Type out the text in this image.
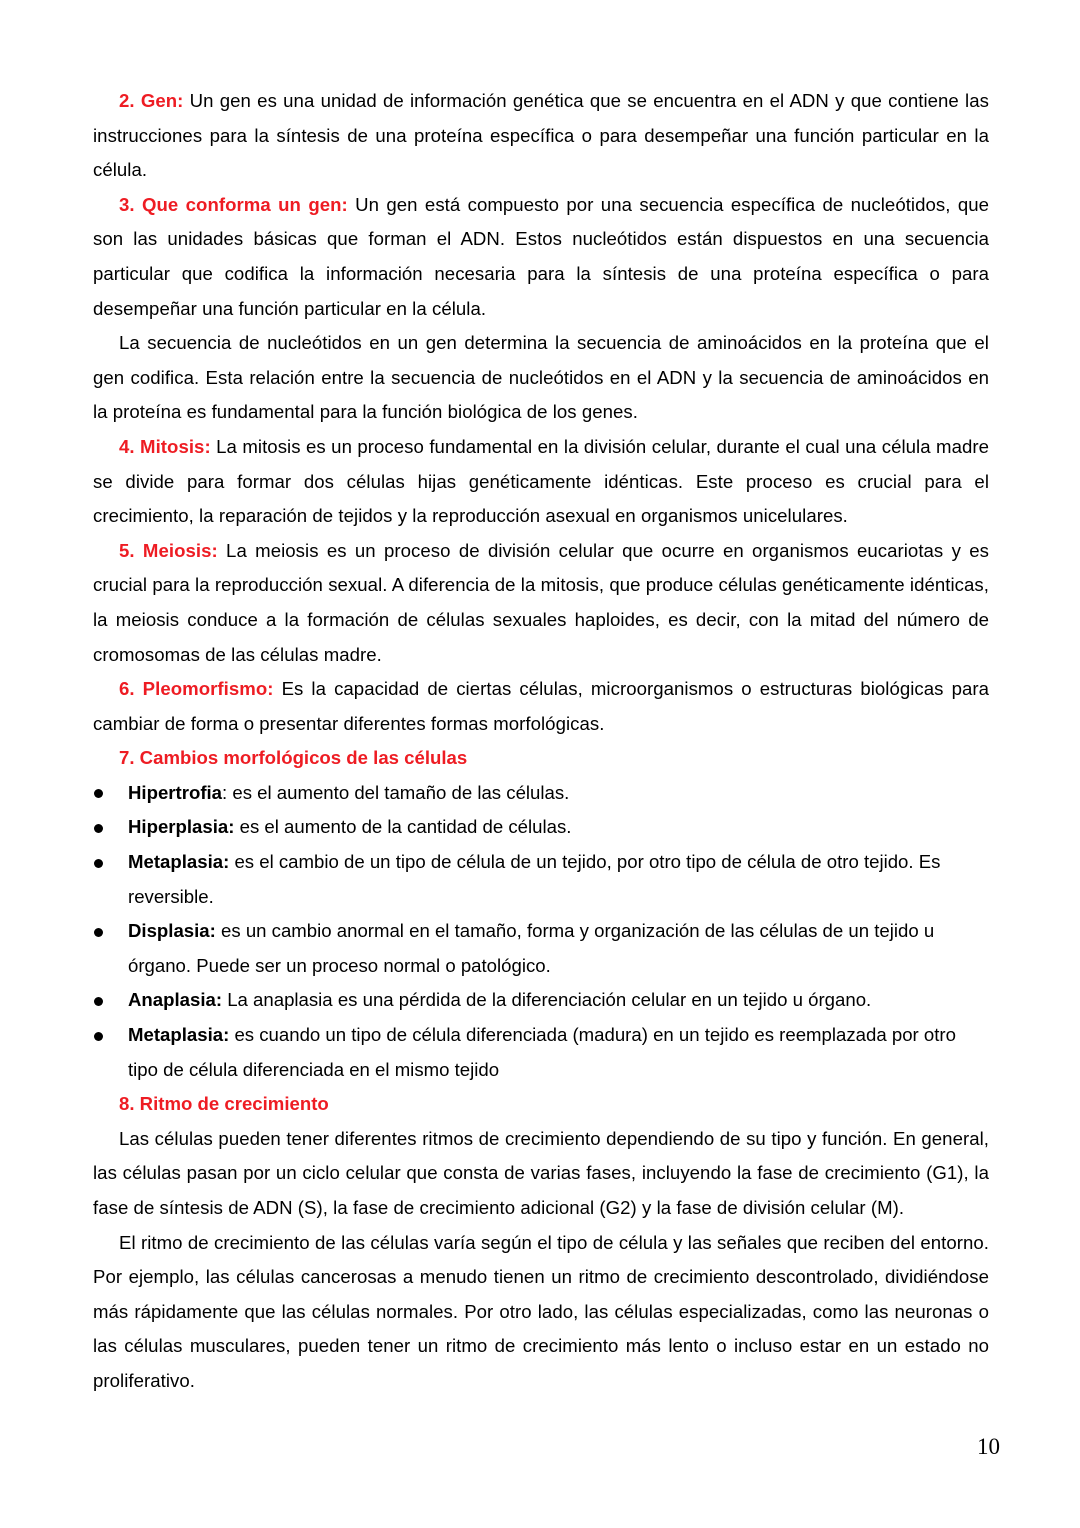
2. Gen: Un gen es una unidad de información genética que se encuentra en el ADN y que contiene las instrucciones para la síntesis de una proteína específica o para desempeñar una función particular en la célula.

3. Que conforma un gen: Un gen está compuesto por una secuencia específica de nucleótidos, que son las unidades básicas que forman el ADN. Estos nucleótidos están dispuestos en una secuencia particular que codifica la información necesaria para la síntesis de una proteína específica o para desempeñar una función particular en la célula.

La secuencia de nucleótidos en un gen determina la secuencia de aminoácidos en la proteína que el gen codifica. Esta relación entre la secuencia de nucleótidos en el ADN y la secuencia de aminoácidos en la proteína es fundamental para la función biológica de los genes.

4. Mitosis: La mitosis es un proceso fundamental en la división celular, durante el cual una célula madre se divide para formar dos células hijas genéticamente idénticas. Este proceso es crucial para el crecimiento, la reparación de tejidos y la reproducción asexual en organismos unicelulares.

5. Meiosis: La meiosis es un proceso de división celular que ocurre en organismos eucariotas y es crucial para la reproducción sexual. A diferencia de la mitosis, que produce células genéticamente idénticas, la meiosis conduce a la formación de células sexuales haploides, es decir, con la mitad del número de cromosomas de las células madre.

6. Pleomorfismo: Es la capacidad de ciertas células, microorganismos o estructuras biológicas para cambiar de forma o presentar diferentes formas morfológicas.

7. Cambios morfológicos de las células

Hipertrofia: es el aumento del tamaño de las células.
Hiperplasia: es el aumento de la cantidad de células.
Metaplasia: es el cambio de un tipo de célula de un tejido, por otro tipo de célula de otro tejido. Es reversible.
Displasia: es un cambio anormal en el tamaño, forma y organización de las células de un tejido u órgano. Puede ser un proceso normal o patológico.
Anaplasia: La anaplasia es una pérdida de la diferenciación celular en un tejido u órgano.
Metaplasia: es cuando un tipo de célula diferenciada (madura) en un tejido es reemplazada por otro tipo de célula diferenciada en el mismo tejido

8. Ritmo de crecimiento

Las células pueden tener diferentes ritmos de crecimiento dependiendo de su tipo y función. En general, las células pasan por un ciclo celular que consta de varias fases, incluyendo la fase de crecimiento (G1), la fase de síntesis de ADN (S), la fase de crecimiento adicional (G2) y la fase de división celular (M).

El ritmo de crecimiento de las células varía según el tipo de célula y las señales que reciben del entorno. Por ejemplo, las células cancerosas a menudo tienen un ritmo de crecimiento descontrolado, dividiéndose más rápidamente que las células normales. Por otro lado, las células especializadas, como las neuronas o las células musculares, pueden tener un ritmo de crecimiento más lento o incluso estar en un estado no proliferativo.

10
